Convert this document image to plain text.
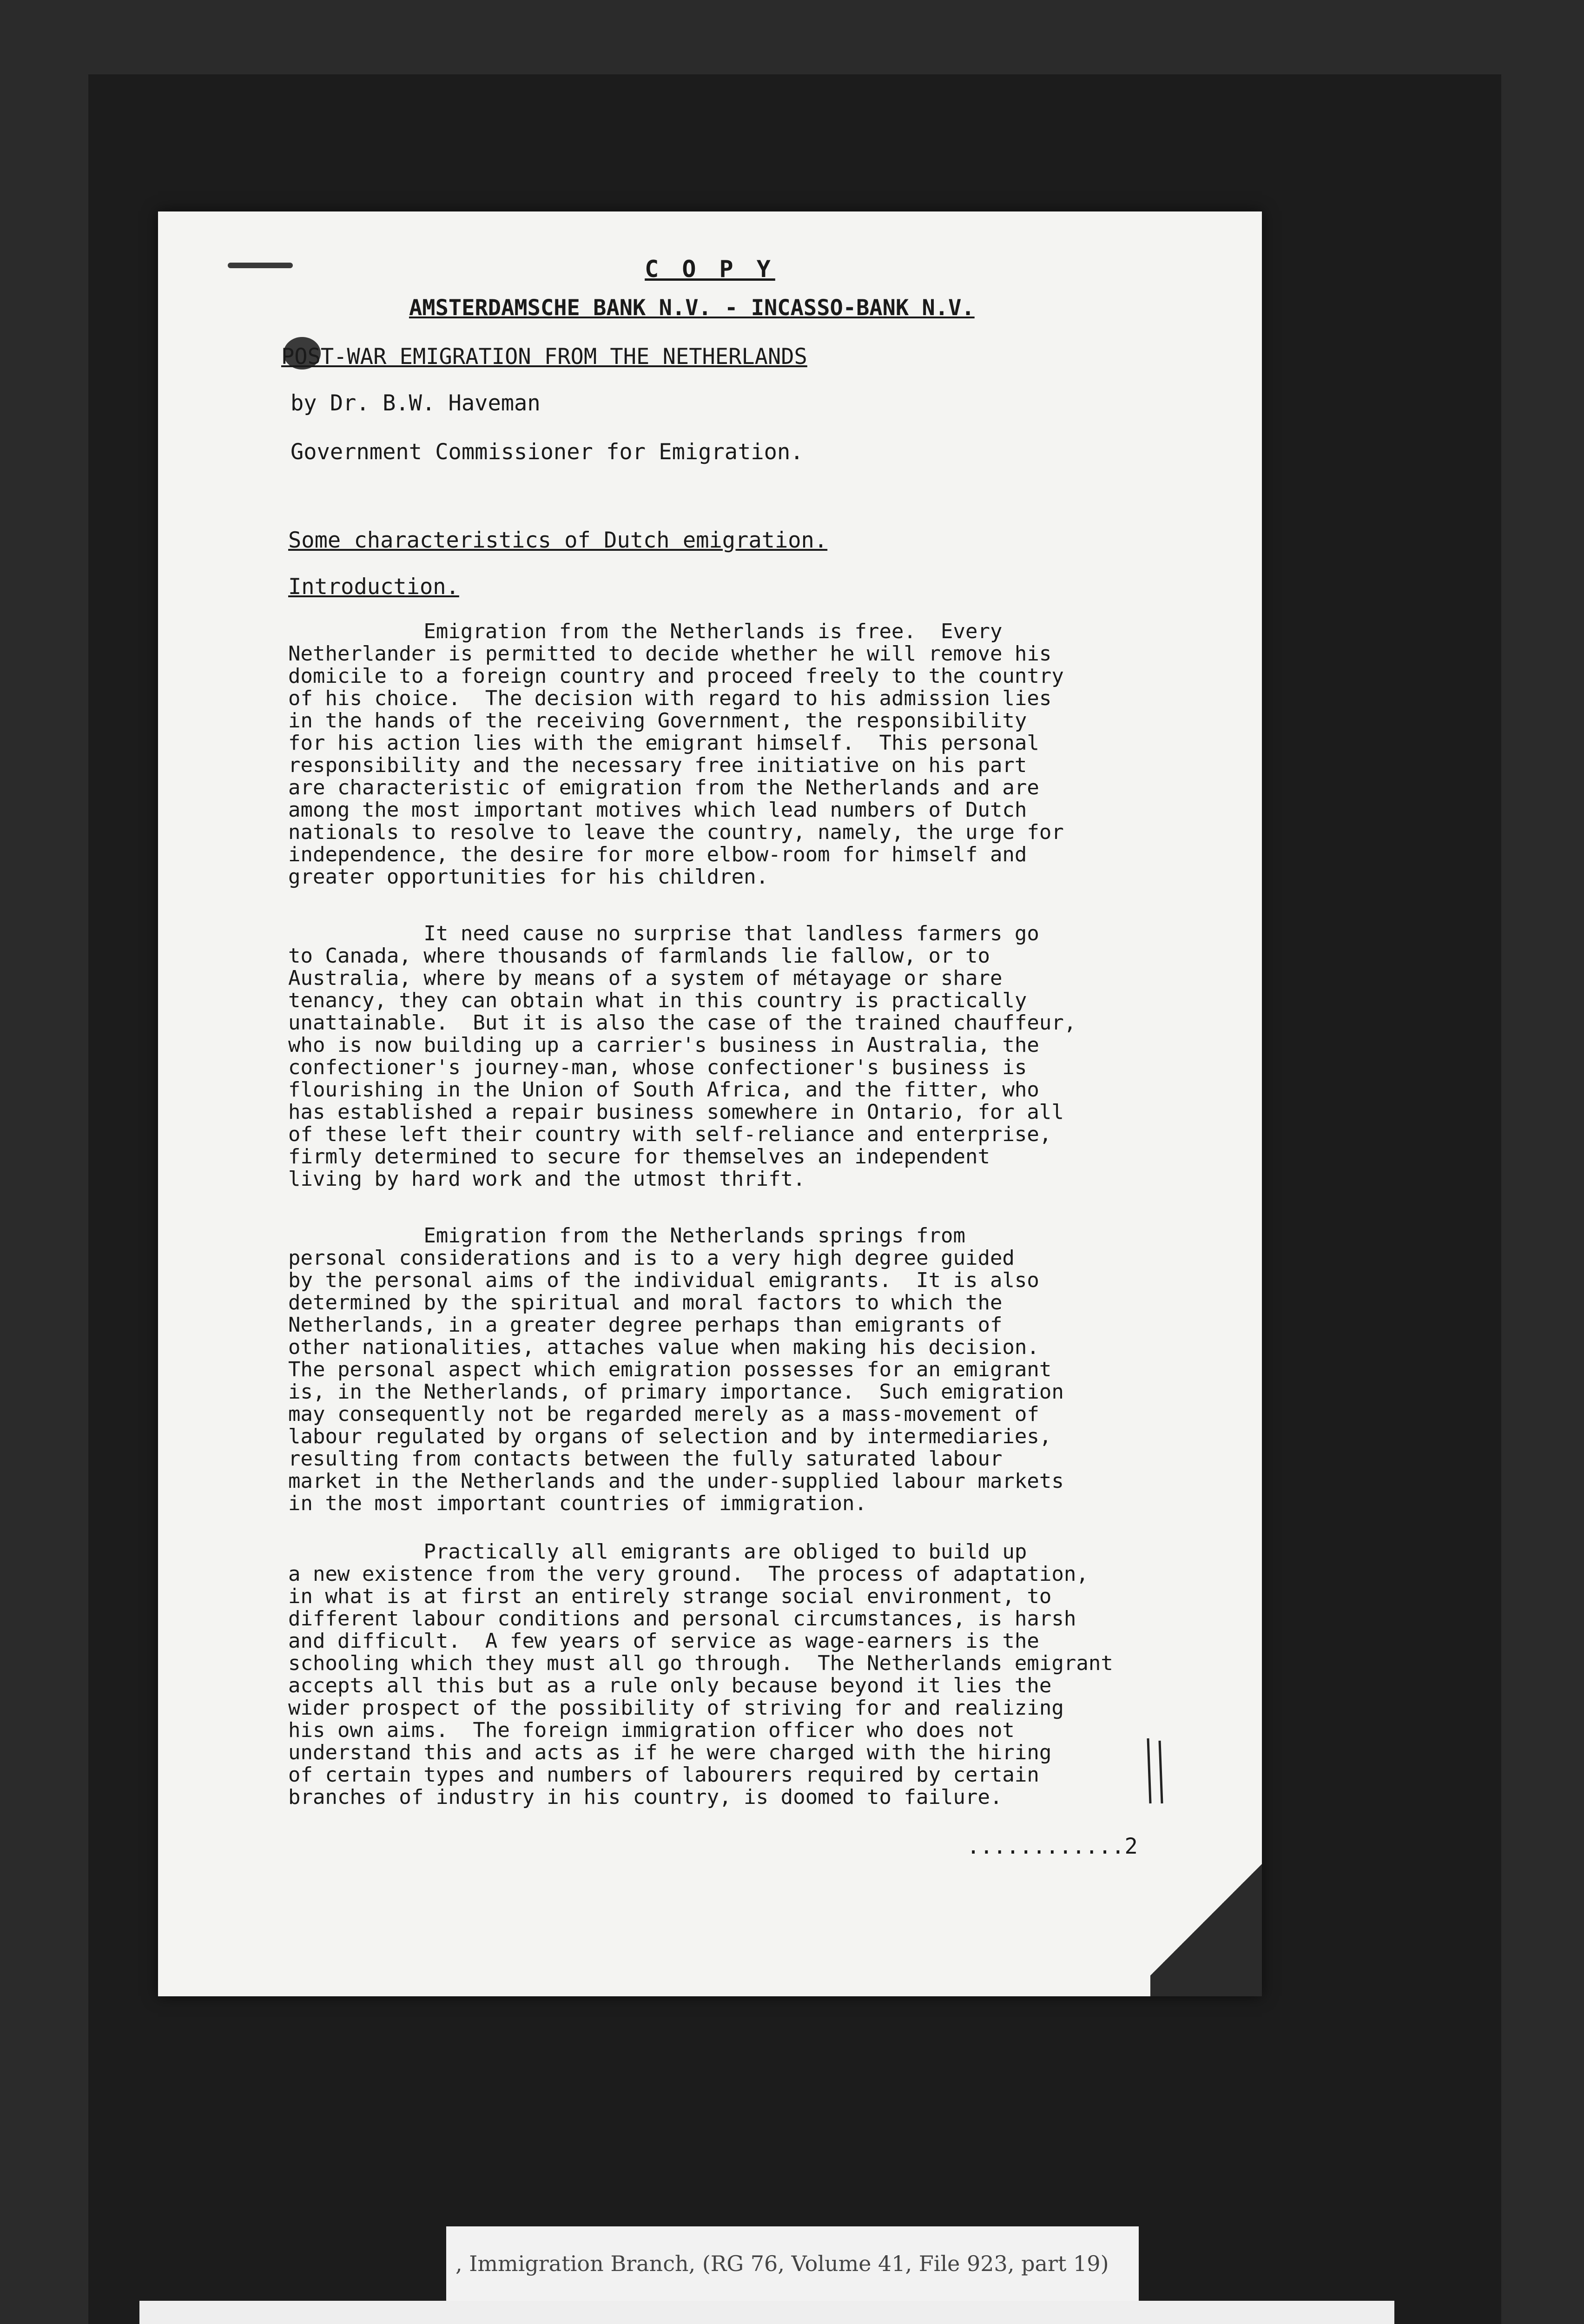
C O P Y
AMSTERDAMSCHE BANK N.V. - INCASSO-BANK N.V.
POST-WAR EMIGRATION FROM THE NETHERLANDS
by Dr. B.W. Haveman
Government Commissioner for Emigration.
Some characteristics of Dutch emigration.
Introduction.
Emigration from the Netherlands is free.  Every
Netherlander is permitted to decide whether he will remove his
domicile to a foreign country and proceed freely to the country
of his choice.  The decision with regard to his admission lies
in the hands of the receiving Government, the responsibility
for his action lies with the emigrant himself.  This personal
responsibility and the necessary free initiative on his part
are characteristic of emigration from the Netherlands and are
among the most important motives which lead numbers of Dutch
nationals to resolve to leave the country, namely, the urge for
independence, the desire for more elbow-room for himself and
greater opportunities for his children.
It need cause no surprise that landless farmers go
to Canada, where thousands of farmlands lie fallow, or to
Australia, where by means of a system of métayage or share
tenancy, they can obtain what in this country is practically
unattainable.  But it is also the case of the trained chauffeur,
who is now building up a carrier's business in Australia, the
confectioner's journey-man, whose confectioner's business is
flourishing in the Union of South Africa, and the fitter, who
has established a repair business somewhere in Ontario, for all
of these left their country with self-reliance and enterprise,
firmly determined to secure for themselves an independent
living by hard work and the utmost thrift.
Emigration from the Netherlands springs from
personal considerations and is to a very high degree guided
by the personal aims of the individual emigrants.  It is also
determined by the spiritual and moral factors to which the
Netherlands, in a greater degree perhaps than emigrants of
other nationalities, attaches value when making his decision.
The personal aspect which emigration possesses for an emigrant
is, in the Netherlands, of primary importance.  Such emigration
may consequently not be regarded merely as a mass-movement of
labour regulated by organs of selection and by intermediaries,
resulting from contacts between the fully saturated labour
market in the Netherlands and the under-supplied labour markets
in the most important countries of immigration.
Practically all emigrants are obliged to build up
a new existence from the very ground.  The process of adaptation,
in what is at first an entirely strange social environment, to
different labour conditions and personal circumstances, is harsh
and difficult.  A few years of service as wage-earners is the
schooling which they must all go through.  The Netherlands emigrant
accepts all this but as a rule only because beyond it lies the
wider prospect of the possibility of striving for and realizing
his own aims.  The foreign immigration officer who does not
understand this and acts as if he were charged with the hiring
of certain types and numbers of labourers required by certain
branches of industry in his country, is doomed to failure.
............2
, Immigration Branch, (RG 76, Volume 41, File 923, part 19)
